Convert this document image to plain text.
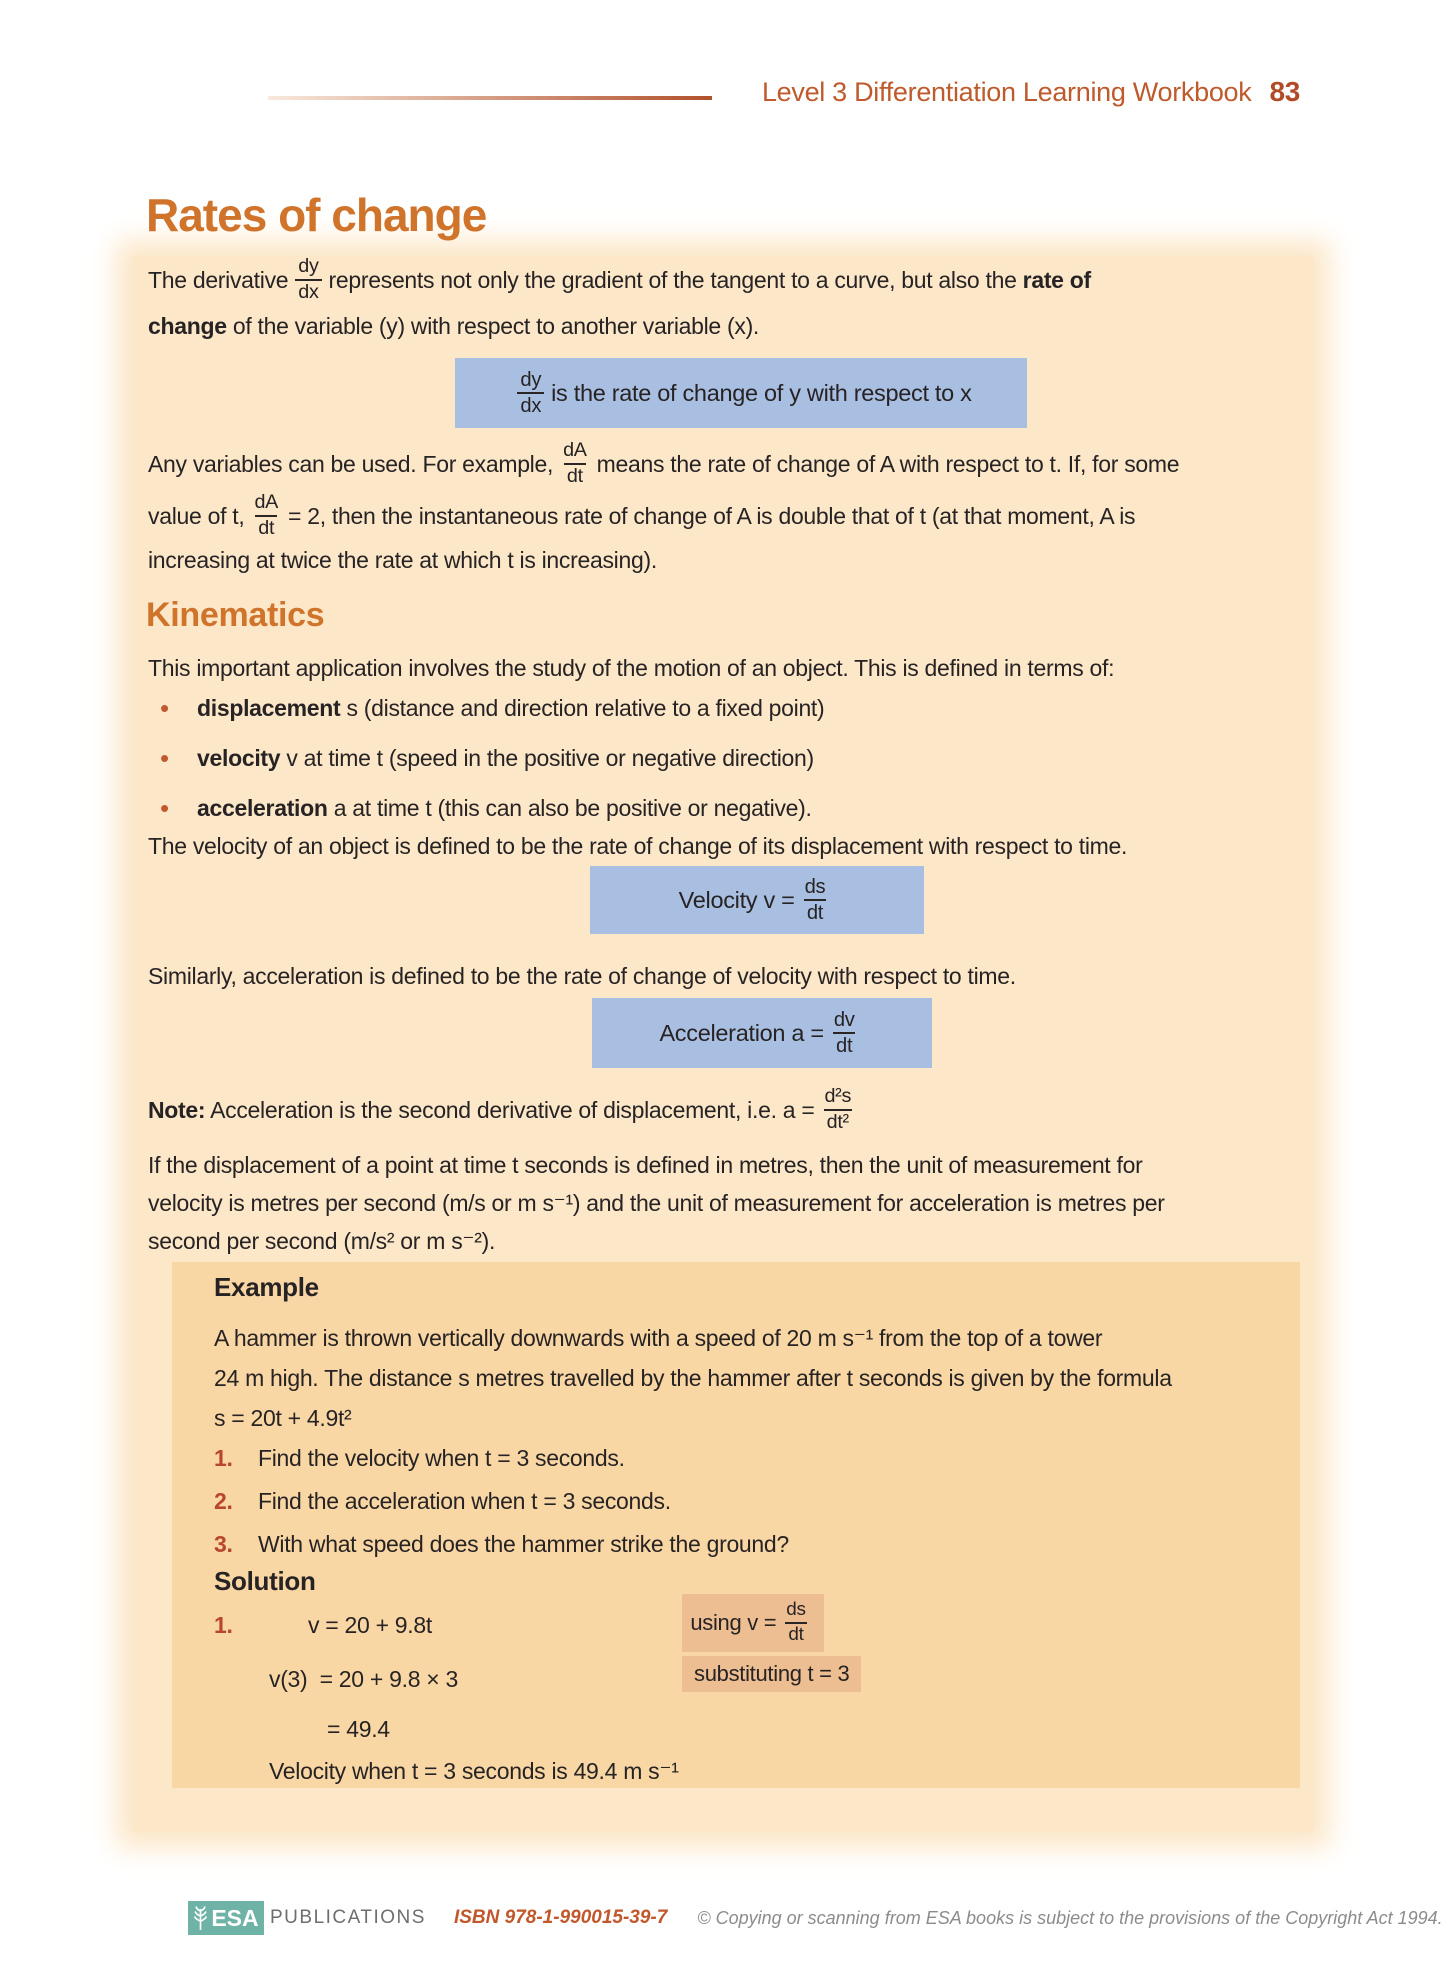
Level 3 Differentiation Learning Workbook 83
Rates of change
The derivative $\frac{dy}{dx}$ represents not only the gradient of the tangent to a curve, but also the rate of
change of the variable (y) with respect to another variable (x).
$\frac{dy}{dx}$ is the rate of change of y with respect to x
Any variables can be used. For example, $\frac{dA}{dt}$ means the rate of change of A with respect to t. If, for some
value of t, $\frac{dA}{dt} = 2$, then the instantaneous rate of change of A is double that of t (at that moment, A is
increasing at twice the rate at which t is increasing).
Kinematics
This important application involves the study of the motion of an object. This is defined in terms of:
•	displacement s (distance and direction relative to a fixed point)
•	velocity v at time t (speed in the positive or negative direction)
•	acceleration a at time t (this can also be positive or negative).
The velocity of an object is defined to be the rate of change of its displacement with respect to time.
Velocity $v = \frac{ds}{dt}$
Similarly, acceleration is defined to be the rate of change of velocity with respect to time.
Acceleration $a = \frac{dv}{dt}$
Note: Acceleration is the second derivative of displacement, i.e. $a = \frac{\text{d²s}}{\text{dt²}}$
If the displacement of a point at time t seconds is defined in metres, then the unit of measurement for
velocity is metres per second (m/s or m s⁻¹) and the unit of measurement for acceleration is metres per
second per second (m/s² or m s⁻²).
Example
A hammer is thrown vertically downwards with a speed of 20 m s⁻¹ from the top of a tower
24 m high. The distance s metres travelled by the hammer after t seconds is given by the formula
s = 20t + 4.9t²
1.	Find the velocity when t = 3 seconds.
2.	Find the acceleration when t = 3 seconds.
3.	With what speed does the hammer strike the ground?
Solution
1.	v = 20 + 9.8t	using $v = \frac{ds}{dt}$
v(3)  = 20 + 9.8 × 3	substituting t = 3
= 49.4
Velocity when t = 3 seconds is 49.4 m s⁻¹
ESA PUBLICATIONS ISBN 978-1-990015-39-7 © Copying or scanning from ESA books is subject to the provisions of the Copyright Act 1994.
